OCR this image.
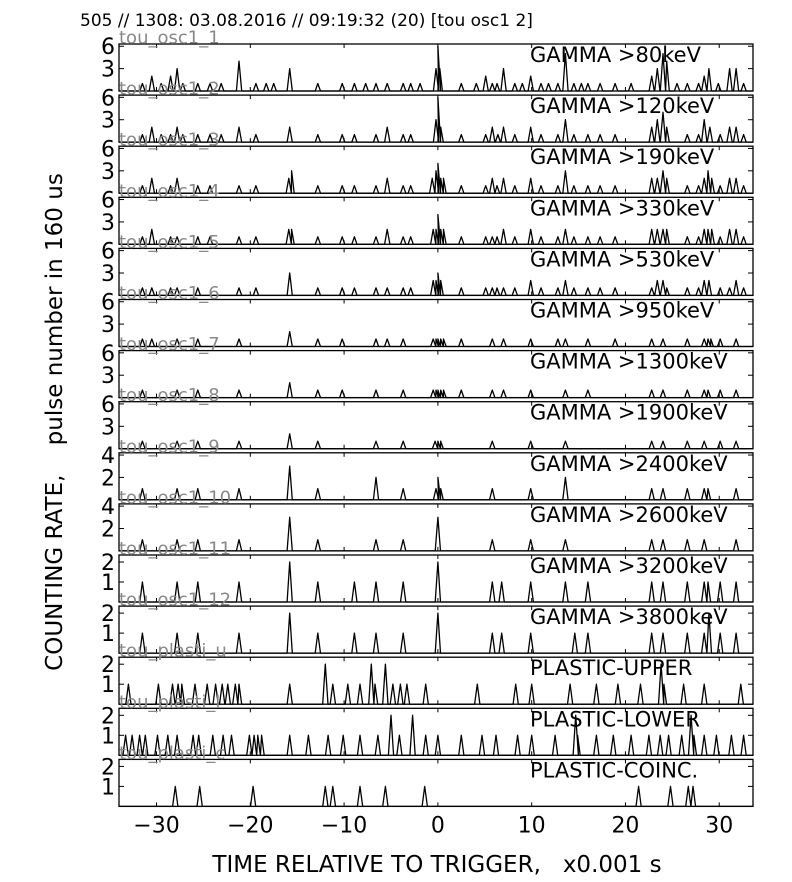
505 // 1308: 03.08.2016 // 09:19:32 (20) [tou osc1 2]
3
6	GAMMA >80keV
tou_osc1_1
3
6	GAMMA >120keV
tou_osc1_2
3
6	GAMMA >190keV
tou_osc1_3
3
6	GAMMA >330keV
tou_osc1_4
3
6	GAMMA >530keV
tou_osc1_5
3
6	GAMMA >950keV
tou_osc1_6
3
6	GAMMA >1300keV
tou_osc1_7
3
6	GAMMA >1900keV
tou_osc1_8
2
4	GAMMA >2400keV
tou_osc1_9
2
4	GAMMA >2600keV
tou_osc1_10
1
2	GAMMA >3200keV
tou_osc1_11
1
2	GAMMA >3800keV
tou_osc1_12
1
2	PLASTIC-UPPER
tou_plasti_u
1
2	PLASTIC-LOWER
tou_plasti_l
1
2	PLASTIC-COINC.
tou_plasti_c
−30 −20 −10	0	10	20	30
TIME RELATIVE TO TRIGGER,   x0.001 s
COUNTING RATE,    pulse number in 160 us
